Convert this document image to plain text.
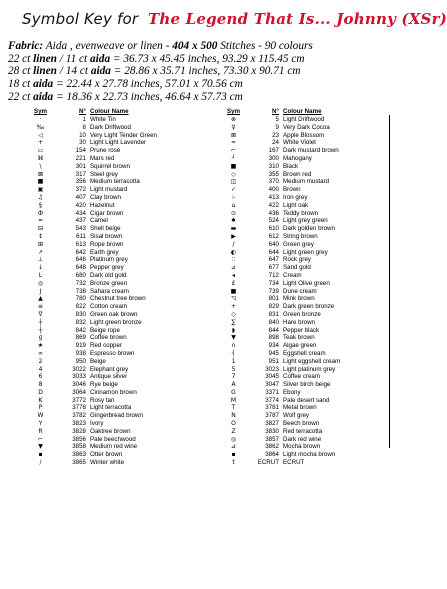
Symbol Key for The Legend That Is... Johnny (XSr)
Fabric: Aida , evenweave or linen - 404 x 500 Stitches - 90 colours
22 ct linen / 11 ct aida = 36.73 x 45.45 inches, 93.29 x 115.45 cm
28 ct linen / 14 ct aida = 28.86 x 35.71 inches, 73.30 x 90.71 cm
18 ct aida = 22.44 x 27.78 inches, 57.01 x 70.56 cm
22 ct aida = 18.36 x 22.73 inches, 46.64 x 57.73 cm
Sym	N° Colour Name
·	1 White Tin
‰	8 Dark Driftwood
◁	10 Very Light Tender Green
+	30 Light Light Lavender
▭	154 Prune rose
⌘	221 Mars red
\	301 Squirrel brown
⊠	317 Steel grey
■	356 Medium terracotta
▣	372 Light mustard
♫	407 Clay brown
§	420 Hazelnut
Ф	434 Cigar brown
=	437 Camel
⊟	543 Shell beige
↕	611 Sisal brown
⊞	613 Rope brown
↗	642 Earth grey
⊥	646 Platinum grey
↓	648 Pepper grey
L	680 Dark old gold
◎	732 Bronze green
J	738 Sahara cream
▲	780 Chestnut tree brown
≡	822 Cotton cream
∇	830 Green oak brown
┼	832 Light green bronze
┼	842 Beige rope
ɡ	869 Coffee brown
★	919 Red copper
∞	938 Espresso brown
2	950 Beige
4	3022 Elephant grey
6	3033 Antique silver
8	3046 Rye beige
D	3064 Cinnamon brown
K	3772 Rosy tan
P	3778 Light terracotta
W	3782 Gingerbread brown
Y	3823 Ivory
R	3828 Oaktree brown
⌐	3856 Pale beechwood
▼	3858 Medium red wine
▪	3863 Otter brown
/	3865 Winter white
Sym	N° Colour Name
⊗	5 Light Driftwood
♀	9 Very Dark Cocoa
⊠	23 Apple Blossom
≈	24 White Violet
⌐	167 Dark mustard brown
┘	300 Mahogany
■	310 Black
◇	355 Brown red
◫	370 Medium mustard
✓	400 Brown
♭	413 Iron grey
⌂	422 Light oak
⊙	436 Teddy brown
♠	524 Light grey green
▬	610 Dark golden brown
▶	612 String brown
/	640 Green grey
◐	644 Light green grey
∷	647 Rock grey
⊿	677 Sand gold
◂	712 Cream
£	734 Light Olive green
■	739 Dune cream
◹	801 Mink brown
+	829 Dark green bronze
◇	831 Green bronze
∑	840 Hare brown
◗	844 Pepper black
▼	898 Teak brown
∩	934 Algae green
┤	945 Eggshell cream
1	951 Light eggshell cream
5	3023 Light platinum grey
7	3045 Coffee cream
A	3047 Silver birch beige
G	3371 Ebony
M	3774 Pale desert sand
T	3781 Metal brown
N	3787 Wolf grey
O	3827 Beech brown
Z	3830 Red terracotta
◎	3857 Dark red wine
⊿	3862 Mocha brown
▪	3864 Light mocha brown
t	ECRUT ECRUT
